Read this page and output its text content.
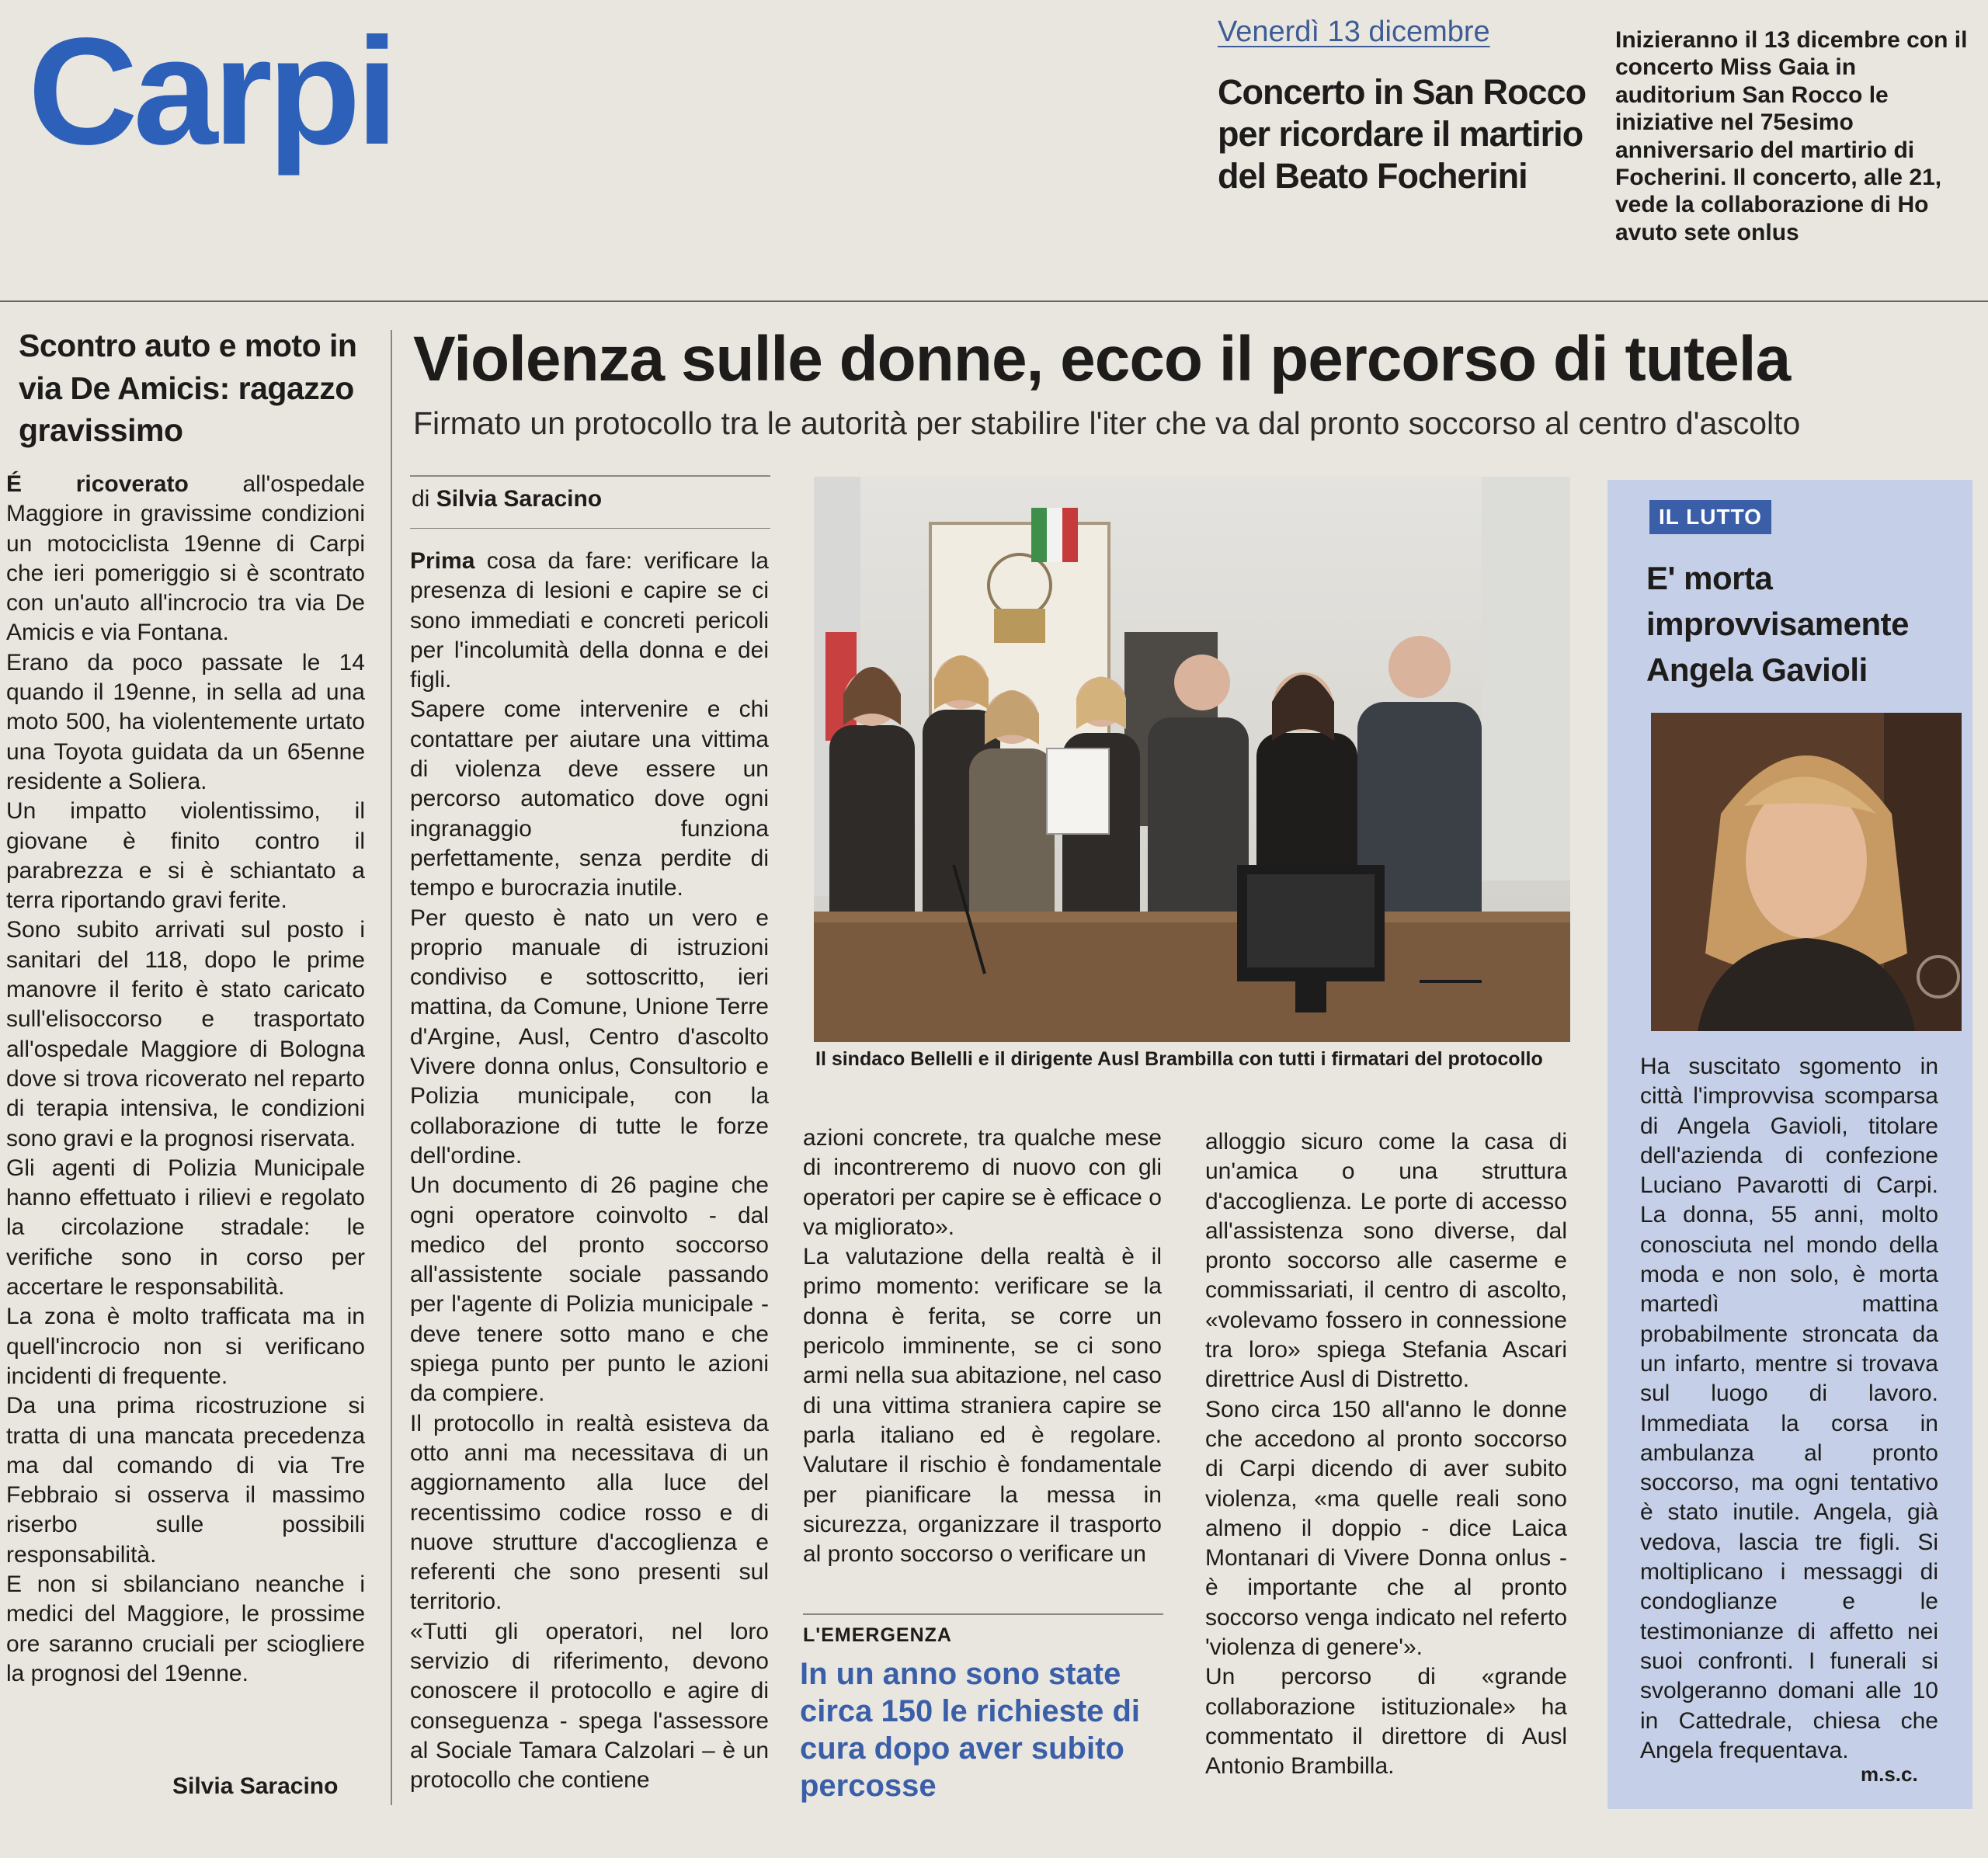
Carpi	Venerdì 13 dicembre
Concerto in San Rocco per ricordare il martirio del Beato Focherini
Inizieranno il 13 dicembre con il concerto Miss Gaia in auditorium San Rocco le iniziative nel 75esimo anniversario del martirio di Focherini. Il concerto, alle 21, vede la collaborazione di Ho avuto sete onlus
Scontro auto e moto in via De Amicis: ragazzo gravissimo

É ricoverato all'ospedale Maggiore in gravissime condizioni un motociclista 19enne di Carpi che ieri pomeriggio si è scontrato con un'auto all'incrocio tra via De Amicis e via Fontana.

Erano da poco passate le 14 quando il 19enne, in sella ad una moto 500, ha violentemente urtato una Toyota guidata da un 65enne residente a Soliera.

Un impatto violentissimo, il giovane è finito contro il parabrezza e si è schiantato a terra riportando gravi ferite.

Sono subito arrivati sul posto i sanitari del 118, dopo le prime manovre il ferito è stato caricato sull'elisoccorso e trasportato all'ospedale Maggiore di Bologna dove si trova ricoverato nel reparto di terapia intensiva, le condizioni sono gravi e la prognosi riservata.

Gli agenti di Polizia Municipale hanno effettuato i rilievi e regolato la circolazione stradale: le verifiche sono in corso per accertare le responsabilità.

La zona è molto trafficata ma in quell'incrocio non si verificano incidenti di frequente.

Da una prima ricostruzione si tratta di una mancata precedenza ma dal comando di via Tre Febbraio si osserva il massimo riserbo sulle possibili responsabilità.

E non si sbilanciano neanche i medici del Maggiore, le prossime ore saranno cruciali per sciogliere la prognosi del 19enne.

Silvia Saracino
Violenza sulle donne, ecco il percorso di tutela
Firmato un protocollo tra le autorità per stabilire l'iter che va dal pronto soccorso al centro d'ascolto
di Silvia Saracino

Prima cosa da fare: verificare la presenza di lesioni e capire se ci sono immediati e concreti pericoli per l'incolumità della donna e dei figli.

Sapere come intervenire e chi contattare per aiutare una vittima di violenza deve essere un percorso automatico dove ogni ingranaggio funziona perfettamente, senza perdite di tempo e burocrazia inutile.

Per questo è nato un vero e proprio manuale di istruzioni condiviso e sottoscritto, ieri mattina, da Comune, Unione Terre d'Argine, Ausl, Centro d'ascolto Vivere donna onlus, Consultorio e Polizia municipale, con la collaborazione di tutte le forze dell'ordine.

Un documento di 26 pagine che ogni operatore coinvolto - dal medico del pronto soccorso all'assistente sociale passando per l'agente di Polizia municipale - deve tenere sotto mano e che spiega punto per punto le azioni da compiere.

Il protocollo in realtà esisteva da otto anni ma necessitava di un aggiornamento alla luce del recentissimo codice rosso e di nuove strutture d'accoglienza e referenti che sono presenti sul territorio.

«Tutti gli operatori, nel loro servizio di riferimento, devono conoscere il protocollo e agire di conseguenza - spega l'assessore al Sociale Tamara Calzolari – è un protocollo che contiene

Il sindaco Bellelli e il dirigente Ausl Brambilla con tutti i firmatari del protocollo

azioni concrete, tra qualche mese di incontreremo di nuovo con gli operatori per capire se è efficace o va migliorato».

La valutazione della realtà è il primo momento: verificare se la donna è ferita, se corre un pericolo imminente, se ci sono armi nella sua abitazione, nel caso di una vittima straniera capire se parla italiano ed è regolare. Valutare il rischio è fondamentale per pianificare la messa in sicurezza, organizzare il trasporto al pronto soccorso o verificare un

L'EMERGENZA
In un anno sono state circa 150 le richieste di cura dopo aver subito percosse

alloggio sicuro come la casa di un'amica o una struttura d'accoglienza. Le porte di accesso all'assistenza sono diverse, dal pronto soccorso alle caserme e commissariati, il centro di ascolto, «volevamo fossero in connessione tra loro» spiega Stefania Ascari direttrice Ausl di Distretto.

Sono circa 150 all'anno le donne che accedono al pronto soccorso di Carpi dicendo di aver subito violenza, «ma quelle reali sono almeno il doppio - dice Laica Montanari di Vivere Donna onlus - è importante che al pronto soccorso venga indicato nel referto 'violenza di genere'».

Un percorso di «grande collaborazione istituzionale» ha commentato il direttore di Ausl Antonio Brambilla.

IL LUTTO
E' morta improvvisamente Angela Gavioli
Ha suscitato sgomento in città l'improvvisa scomparsa di Angela Gavioli, titolare dell'azienda di confezione Luciano Pavarotti di Carpi. La donna, 55 anni, molto conosciuta nel mondo della moda e non solo, è morta martedì mattina probabilmente stroncata da un infarto, mentre si trovava sul luogo di lavoro. Immediata la corsa in ambulanza al pronto soccorso, ma ogni tentativo è stato inutile. Angela, già vedova, lascia tre figli. Si moltiplicano i messaggi di condoglianze e le testimonianze di affetto nei suoi confronti. I funerali si svolgeranno domani alle 10 in Cattedrale, chiesa che Angela frequentava.
m.s.c.
